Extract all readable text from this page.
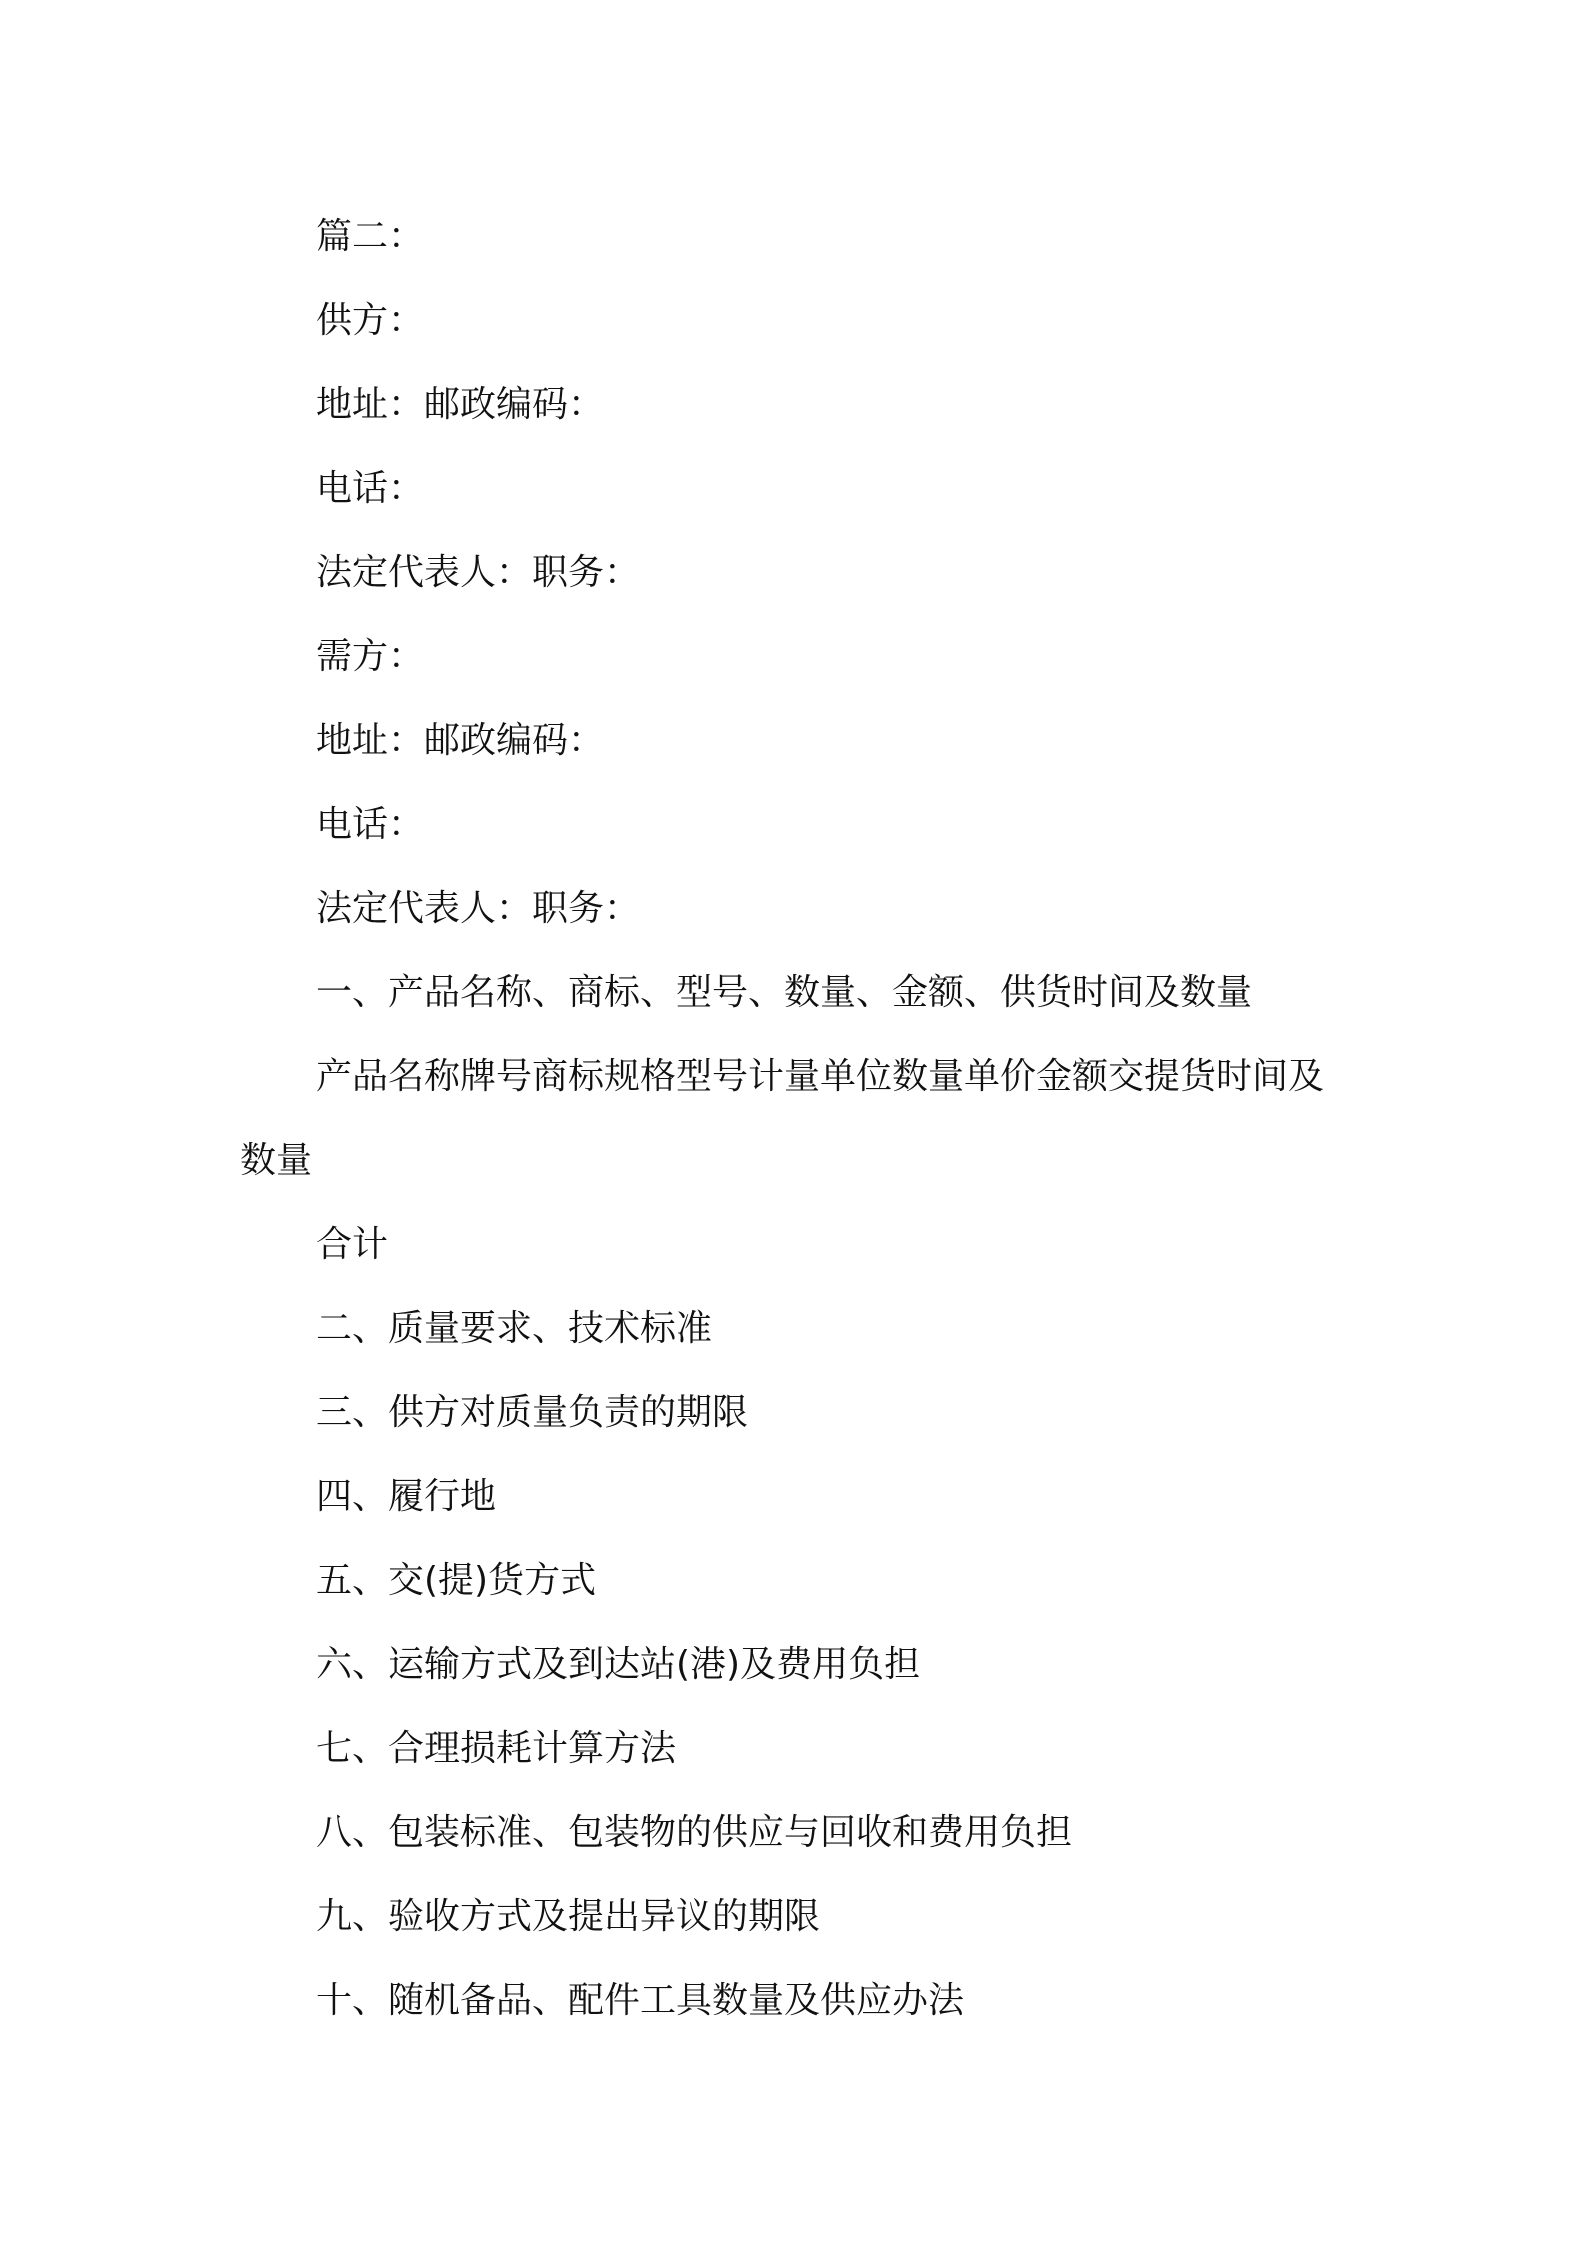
篇二：

供方：

地址：邮政编码：

电话：

法定代表人：职务：

需方：

地址：邮政编码：

电话：

法定代表人：职务：

一、产品名称、商标、型号、数量、金额、供货时间及数量

产品名称牌号商标规格型号计量单位数量单价金额交提货时间及数量

合计

二、质量要求、技术标准

三、供方对质量负责的期限

四、履行地

五、交(提)货方式

六、运输方式及到达站(港)及费用负担

七、合理损耗计算方法

八、包装标准、包装物的供应与回收和费用负担

九、验收方式及提出异议的期限

十、随机备品、配件工具数量及供应办法
